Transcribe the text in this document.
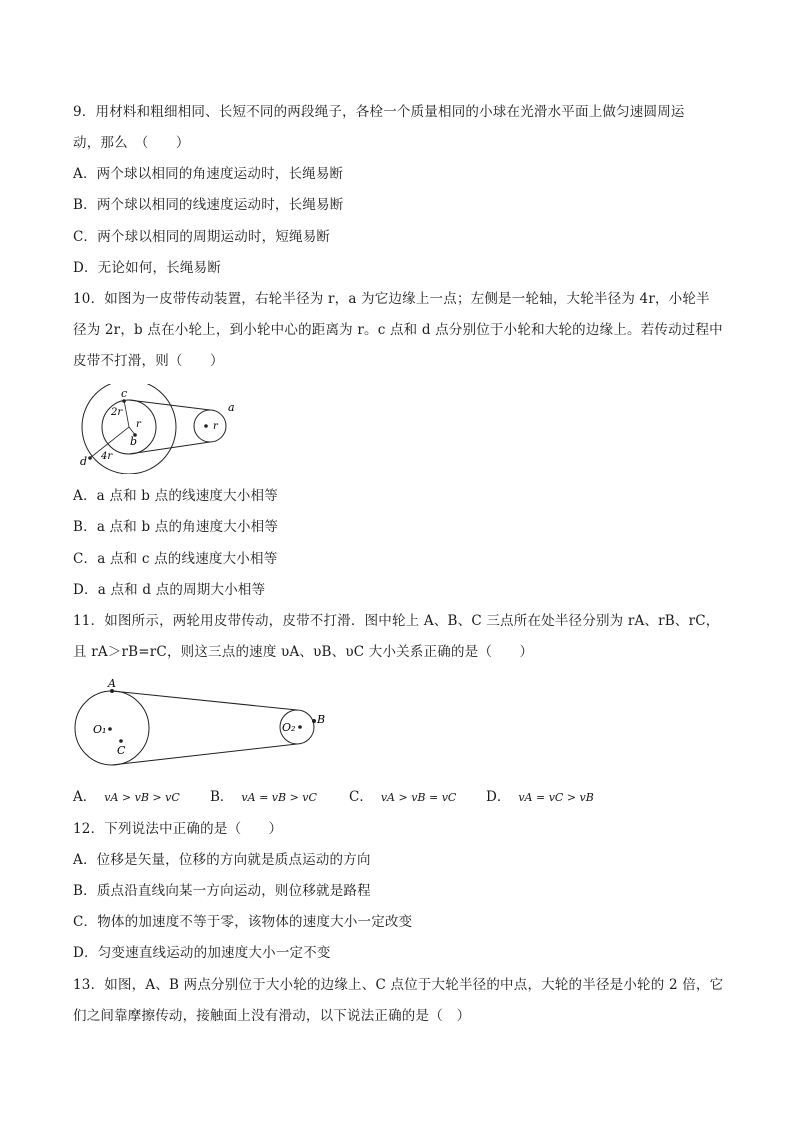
9．用材料和粗细相同、长短不同的两段绳子，各栓一个质量相同的小球在光滑水平面上做匀速圆周运
动，那么　（　　）
A．两个球以相同的角速度运动时，长绳易断
B．两个球以相同的线速度运动时，长绳易断
C．两个球以相同的周期运动时，短绳易断
D．无论如何，长绳易断
10．如图为一皮带传动装置，右轮半径为 r，a 为它边缘上一点；左侧是一轮轴，大轮半径为 4r，小轮半
径为 2r，b 点在小轮上，到小轮中心的距离为 r。c 点和 d 点分别位于小轮和大轮的边缘上。若传动过程中
皮带不打滑，则（　　）
c
2r
r
b
d 4r
a
r
A．a 点和 b 点的线速度大小相等
B．a 点和 b 点的角速度大小相等
C．a 点和 c 点的线速度大小相等
D．a 点和 d 点的周期大小相等
11．如图所示，两轮用皮带传动，皮带不打滑．图中轮上 A、B、C 三点所在处半径分别为 rA、rB、rC，
且 rA＞rB=rC，则这三点的速度 υA、υB、υC 大小关系正确的是（　　）
A
O₁
C
O₂
B
A． vA > vB > vC B． vA = vB > vC C． vA > vB = vC D． vA = vC > vB
12．下列说法中正确的是（　　）
A．位移是矢量，位移的方向就是质点运动的方向
B．质点沿直线向某一方向运动，则位移就是路程
C．物体的加速度不等于零，该物体的速度大小一定改变
D．匀变速直线运动的加速度大小一定不变
13．如图，A、B 两点分别位于大小轮的边缘上、C 点位于大轮半径的中点，大轮的半径是小轮的 2 倍，它
们之间靠摩擦传动，接触面上没有滑动，以下说法正确的是（　）
